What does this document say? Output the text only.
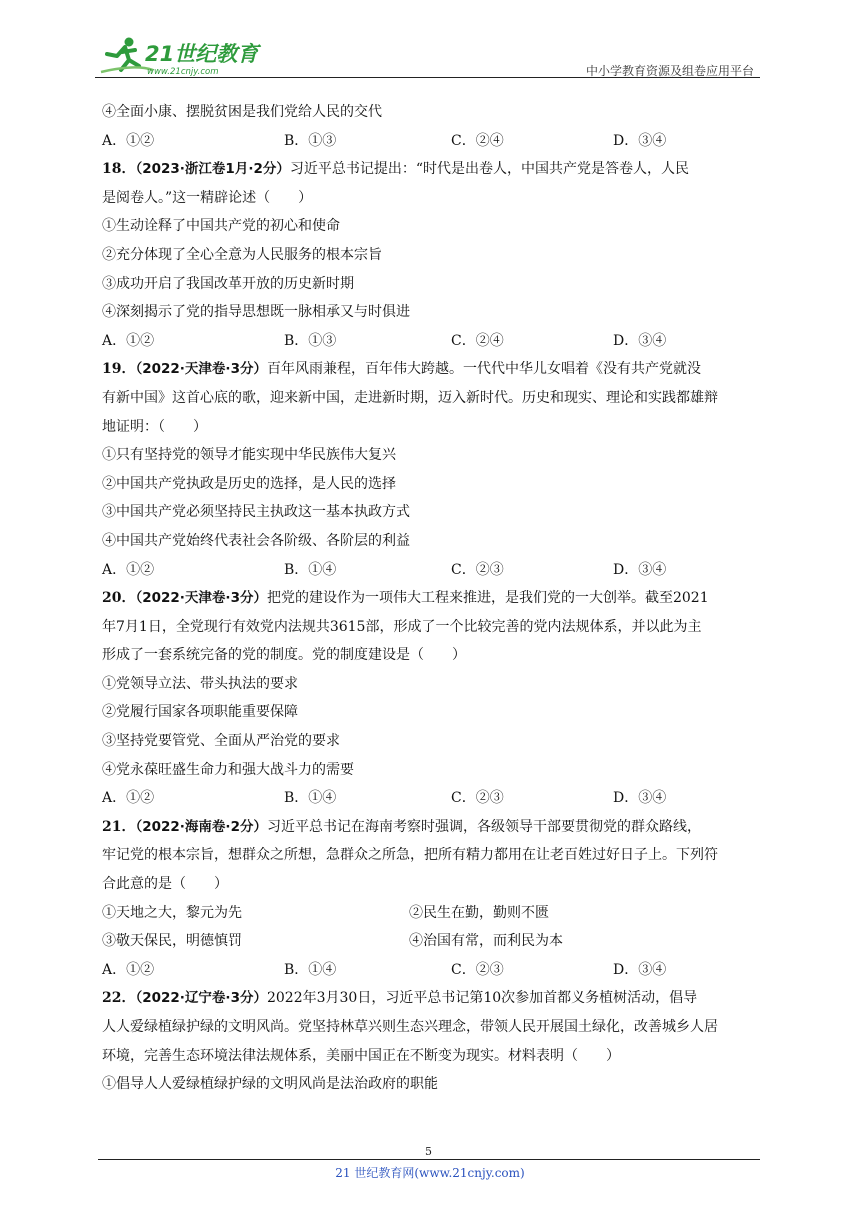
21世纪教育
www.21cnjy.com	中小学教育资源及组卷应用平台
④全面小康、摆脱贫困是我们党给人民的交代
A．①②	B．①③	C．②④	D．③④
18．（2023·浙江卷1月·2分）习近平总书记提出：“时代是出卷人，中国共产党是答卷人，人民
是阅卷人。”这一精辟论述（　　）
①生动诠释了中国共产党的初心和使命
②充分体现了全心全意为人民服务的根本宗旨
③成功开启了我国改革开放的历史新时期
④深刻揭示了党的指导思想既一脉相承又与时俱进
A．①②	B．①③	C．②④	D．③④
19．（2022·天津卷·3分）百年风雨兼程，百年伟大跨越。一代代中华儿女唱着《没有共产党就没
有新中国》这首心底的歌，迎来新中国，走进新时期，迈入新时代。历史和现实、理论和实践都雄辩
地证明：（　　）
①只有坚持党的领导才能实现中华民族伟大复兴
②中国共产党执政是历史的选择，是人民的选择
③中国共产党必须坚持民主执政这一基本执政方式
④中国共产党始终代表社会各阶级、各阶层的利益
A．①②	B．①④	C．②③	D．③④
20．（2022·天津卷·3分）把党的建设作为一项伟大工程来推进，是我们党的一大创举。截至2021
年7月1日，全党现行有效党内法规共3615部，形成了一个比较完善的党内法规体系，并以此为主
形成了一套系统完备的党的制度。党的制度建设是（　　）
①党领导立法、带头执法的要求
②党履行国家各项职能重要保障
③坚持党要管党、全面从严治党的要求
④党永葆旺盛生命力和强大战斗力的需要
A．①②	B．①④	C．②③	D．③④
21．（2022·海南卷·2分）习近平总书记在海南考察时强调，各级领导干部要贯彻党的群众路线，
牢记党的根本宗旨，想群众之所想，急群众之所急，把所有精力都用在让老百姓过好日子上。下列符
合此意的是（　　）
①天地之大，黎元为先	②民生在勤，勤则不匮
③敬天保民，明德慎罚	④治国有常，而利民为本
A．①②	B．①④	C．②③	D．③④
22．（2022·辽宁卷·3分）2022年3月30日，习近平总书记第10次参加首都义务植树活动，倡导
人人爱绿植绿护绿的文明风尚。党坚持林草兴则生态兴理念，带领人民开展国土绿化，改善城乡人居
环境，完善生态环境法律法规体系，美丽中国正在不断变为现实。材料表明（　　）
①倡导人人爱绿植绿护绿的文明风尚是法治政府的职能
5
21 世纪教育网(www.21cnjy.com)
